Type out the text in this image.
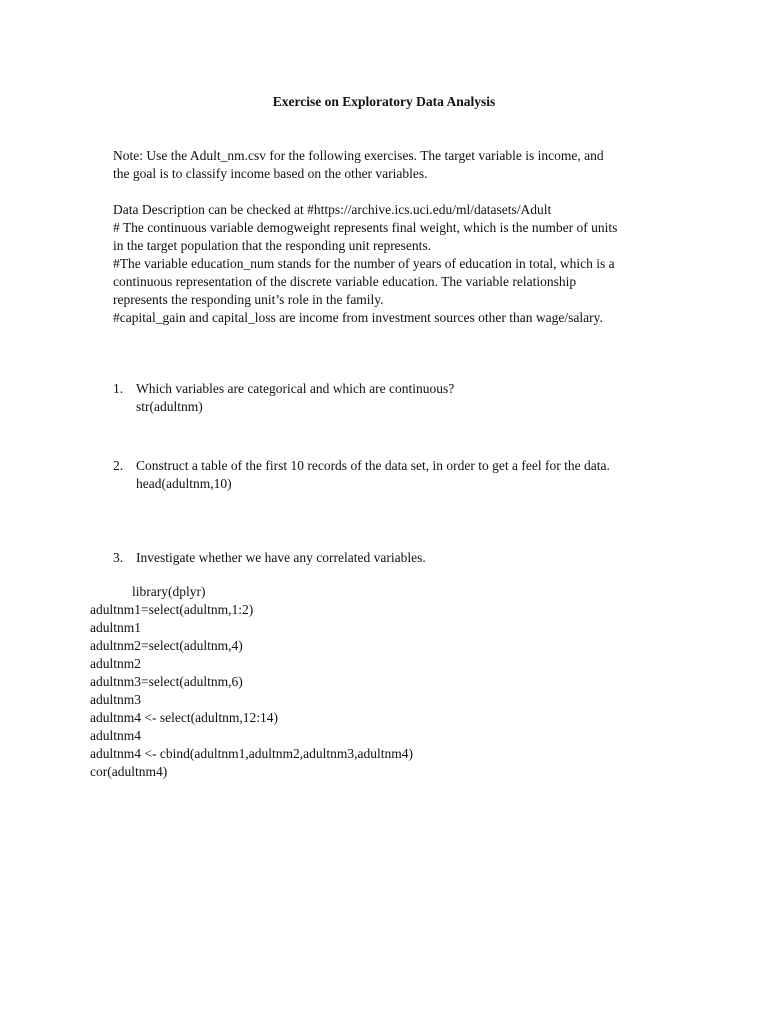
Exercise on Exploratory Data Analysis
Note: Use the Adult_nm.csv for the following exercises. The target variable is income, and
the goal is to classify income based on the other variables.
Data Description can be checked at #https://archive.ics.uci.edu/ml/datasets/Adult
# The continuous variable demogweight represents final weight, which is the number of units
in the target population that the responding unit represents.
#The variable education_num stands for the number of years of education in total, which is a
continuous representation of the discrete variable education. The variable relationship
represents the responding unit’s role in the family.
#capital_gain and capital_loss are income from investment sources other than wage/salary.
1. Which variables are categorical and which are continuous?
str(adultnm)
2. Construct a table of the first 10 records of the data set, in order to get a feel for the data.
head(adultnm,10)
3. Investigate whether we have any correlated variables.
library(dplyr)
adultnm1=select(adultnm,1:2)
adultnm1
adultnm2=select(adultnm,4)
adultnm2
adultnm3=select(adultnm,6)
adultnm3
adultnm4 <- select(adultnm,12:14)
adultnm4
adultnm4 <- cbind(adultnm1,adultnm2,adultnm3,adultnm4)
cor(adultnm4)
